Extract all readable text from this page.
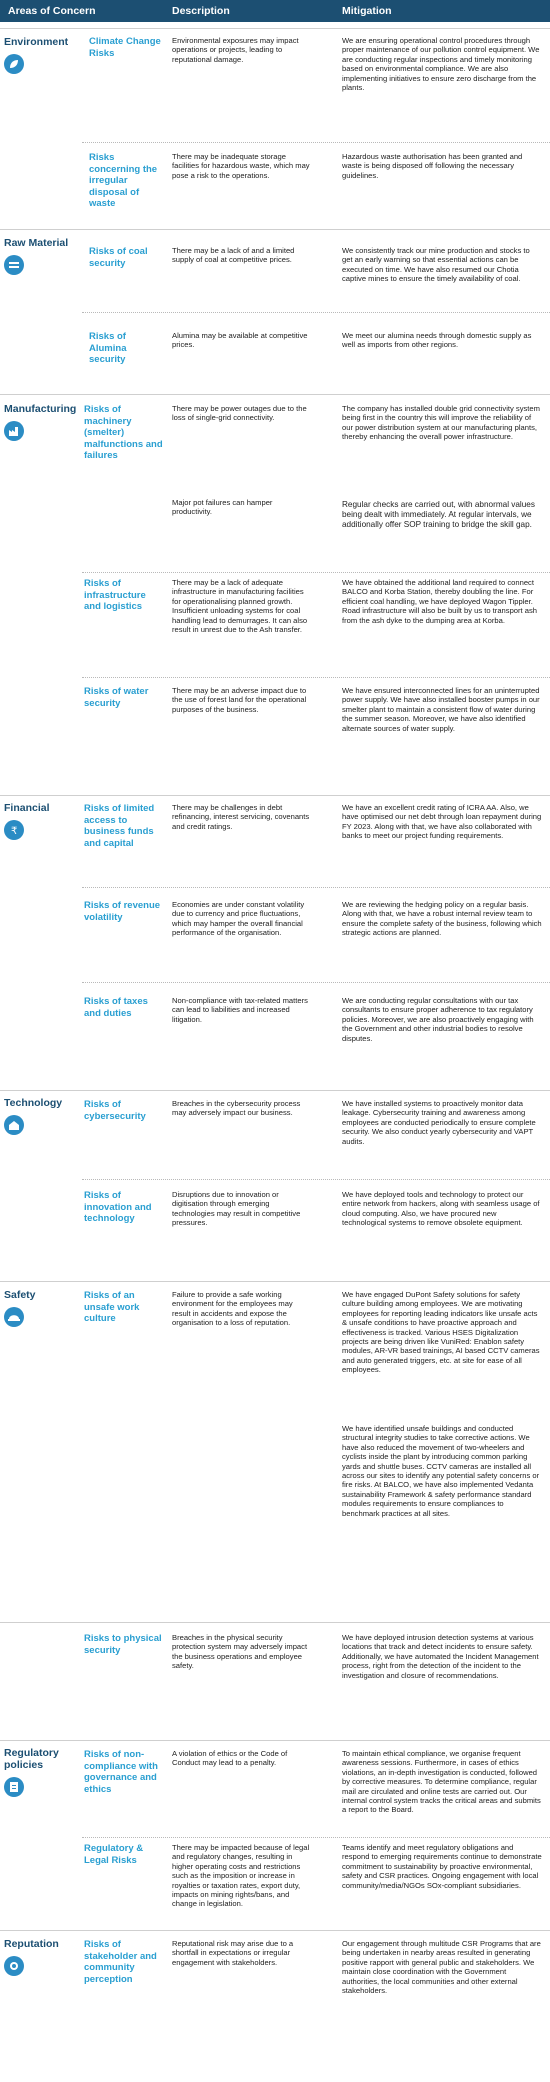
Areas of Concern	Description	Mitigation
Environment
Raw Material
Manufacturing
Financial
₹
Technology
Safety
Regulatory policies
Reputation
Climate Change Risks
Environmental exposures may impact operations or projects, leading to reputational damage.
We are ensuring operational control procedures through proper maintenance of our pollution control equipment. We are conducting regular inspections and timely monitoring based on environmental compliance. We are also implementing initiatives to ensure zero discharge from the plants.
Risks concerning the irregular disposal of waste
There may be inadequate storage facilities for hazardous waste, which may pose a risk to the operations.
Hazardous waste authorisation has been granted and waste is being disposed off following the necessary guidelines.
Risks of coal security
There may be a lack of and a limited supply of coal at competitive prices.
We consistently track our mine production and stocks to get an early warning so that essential actions can be executed on time. We have also resumed our Chotia captive mines to ensure the timely availability of coal.
Risks of Alumina security
Alumina may be available at competitive prices.
We meet our alumina needs through domestic supply as well as imports from other regions.
Risks of machinery (smelter) malfunctions and failures
There may be power outages due to the loss of single-grid connectivity.
The company has installed double grid connectivity system being first in the country this will improve the reliability of our power distribution system at our manufacturing plants, thereby enhancing the overall power infrastructure.
Major pot failures can hamper productivity.
Regular checks are carried out, with abnormal values being dealt with immediately. At regular intervals, we additionally offer SOP training to bridge the skill gap.
Risks of infrastructure and logistics
There may be a lack of adequate infrastructure in manufacturing facilities for operationalising planned growth. Insufficient unloading systems for coal handling lead to demurrages. It can also result in unrest due to the Ash transfer.
We have obtained the additional land required to connect BALCO and Korba Station, thereby doubling the line. For efficient coal handling, we have deployed Wagon Tippler. Road infrastructure will also be built by us to transport ash from the ash dyke to the dumping area at Korba.
Risks of water security
There may be an adverse impact due to the use of forest land for the operational purposes of the business.
We have ensured interconnected lines for an uninterrupted power supply. We have also installed booster pumps in our smelter plant to maintain a consistent flow of water during the summer season. Moreover, we have also identified alternate sources of water supply.
Risks of limited access to business funds and capital
There may be challenges in debt refinancing, interest servicing, covenants and credit ratings.
We have an excellent credit rating of ICRA AA. Also, we have optimised our net debt through loan repayment during FY 2023. Along with that, we have also collaborated with banks to meet our project funding requirements.
Risks of revenue volatility
Economies are under constant volatility due to currency and price fluctuations, which may hamper the overall financial performance of the organisation.
We are reviewing the hedging policy on a regular basis. Along with that, we have a robust internal review team to ensure the complete safety of the business, following which strategic actions are planned.
Risks of taxes and duties
Non-compliance with tax-related matters can lead to liabilities and increased litigation.
We are conducting regular consultations with our tax consultants to ensure proper adherence to tax regulatory policies. Moreover, we are also proactively engaging with the Government and other industrial bodies to resolve disputes.
Risks of cybersecurity
Breaches in the cybersecurity process may adversely impact our business.
We have installed systems to proactively monitor data leakage. Cybersecurity training and awareness among employees are conducted periodically to ensure complete security. We also conduct yearly cybersecurity and VAPT audits.
Risks of innovation and technology
Disruptions due to innovation or digitisation through emerging technologies may result in competitive pressures.
We have deployed tools and technology to protect our entire network from hackers, along with seamless usage of cloud computing. Also, we have procured new technological systems to remove obsolete equipment.
Risks of an unsafe work culture
Failure to provide a safe working environment for the employees may result in accidents and expose the organisation to a loss of reputation.
We have engaged DuPont Safety solutions for safety culture building among employees. We are motivating employees for reporting leading indicators like unsafe acts & unsafe conditions to have proactive approach and effectiveness is tracked. Various HSES Digitalization projects are being driven like VuniRed: Enablon safety modules, AR-VR based trainings, AI based CCTV cameras and auto generated triggers, etc. at site for ease of all employees.
We have identified unsafe buildings and conducted structural integrity studies to take corrective actions. We have also reduced the movement of two-wheelers and cyclists inside the plant by introducing common parking yards and shuttle buses. CCTV cameras are installed all across our sites to identify any potential safety concerns or fire risks. At BALCO, we have also implemented Vedanta sustainability Framework & safety performance standard modules requirements to ensure compliances to benchmark practices at all sites.
Risks to physical security
Breaches in the physical security protection system may adversely impact the business operations and employee safety.
We have deployed intrusion detection systems at various locations that track and detect incidents to ensure safety. Additionally, we have automated the Incident Management process, right from the detection of the incident to the investigation and closure of recommendations.
Risks of non-compliance with governance and ethics
A violation of ethics or the Code of Conduct may lead to a penalty.
To maintain ethical compliance, we organise frequent awareness sessions. Furthermore, in cases of ethics violations, an in-depth investigation is conducted, followed by corrective measures. To determine compliance, regular mail are circulated and online tests are carried out. Our internal control system tracks the critical areas and submits a report to the Board.
Regulatory & Legal Risks
There may be impacted because of legal and regulatory changes, resulting in higher operating costs and restrictions such as the imposition or increase in royalties or taxation rates, export duty, impacts on mining rights/bans, and change in legislation.
Teams identify and meet regulatory obligations and respond to emerging requirements continue to demonstrate commitment to sustainability by proactive environmental, safety and CSR practices. Ongoing engagement with local community/media/NGOs SOx-compliant subsidiaries.
Risks of stakeholder and community perception
Reputational risk may arise due to a shortfall in expectations or irregular engagement with stakeholders.
Our engagement through multitude CSR Programs that are being undertaken in nearby areas resulted in generating positive rapport with general public and stakeholders. We maintain close coordination with the Government authorities, the local communities and other external stakeholders.
